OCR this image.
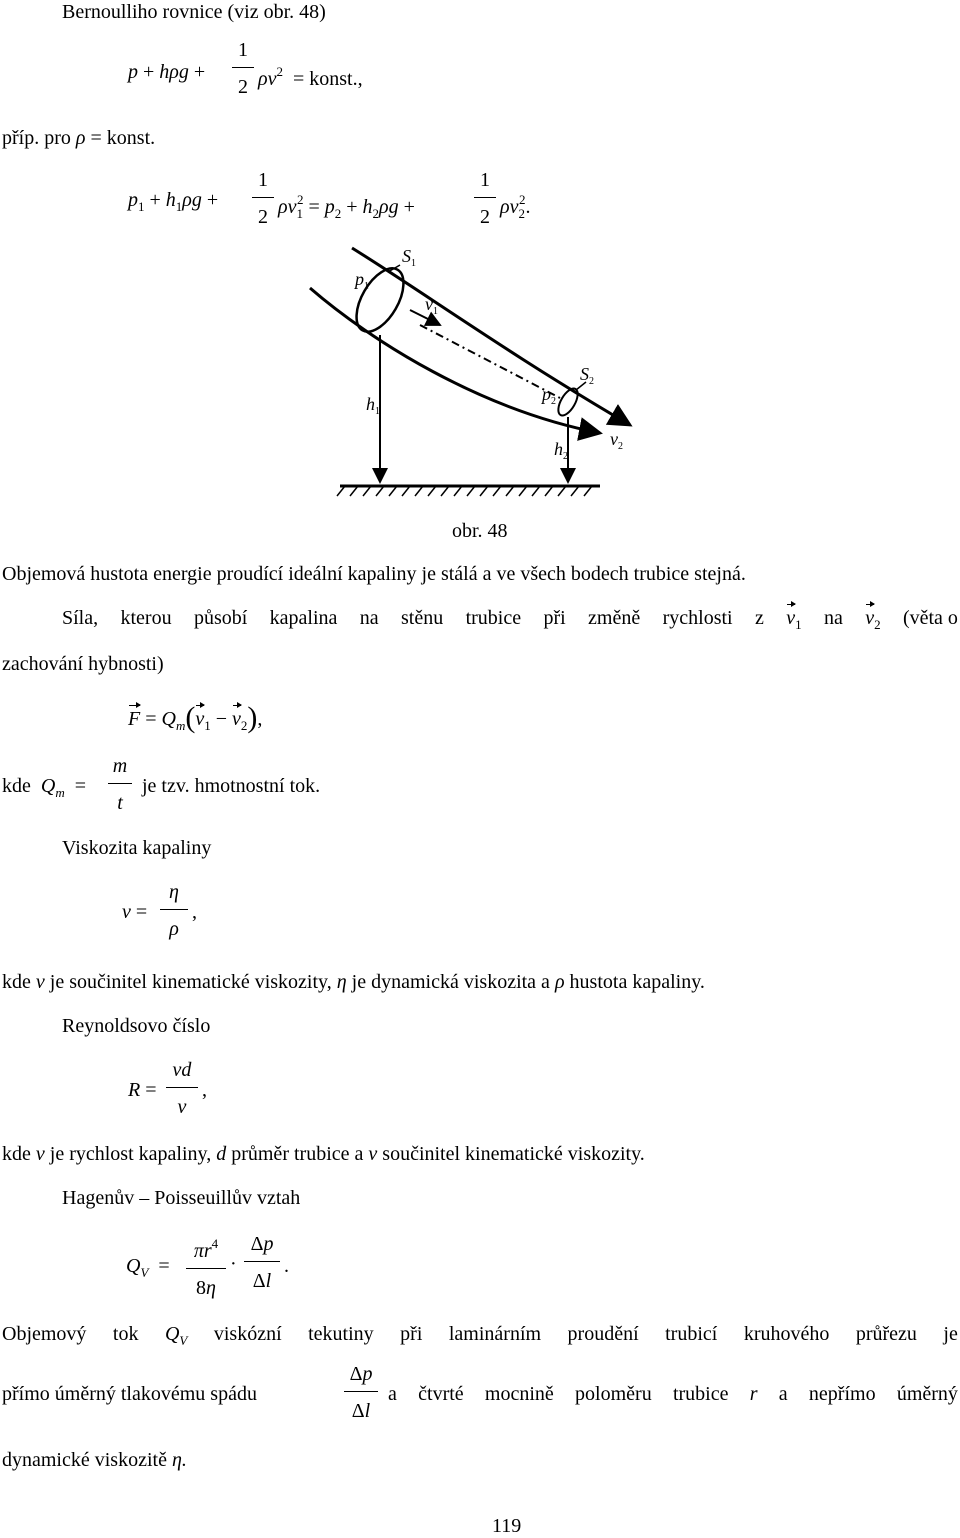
Bernoulliho rovnice (viz obr. 48)
p + hρg +
1
2 $\rho v^2$ = konst.,
příp. pro ρ = konst.
$p_1 + h_1\rho g$ +
1
2 $\rho v_1^2 = p_2 + h_2\rho g$ +
1
2 $\rho v_2^2$.
$p_1$
$S_1$
$v_1$
$h_1$
$p_2$
$S_2$
$h_2$
$v_2$
obr. 48
Objemová hustota energie proudící ideální kapaliny je stálá a ve všech bodech trubice stejná.
Síla, kterou působí kapalina na stěnu trubice při změně rychlosti z $v_1$ na $v_2$ (věta o
zachování hybnosti)
$F = Q_m(v_1 - v_2)$,
kde $Q_m$  =
m
t
je tzv. hmotnostní tok.
Viskozita kapaliny
ν =
η
ρ
,
kde ν je součinitel kinematické viskozity, η je dynamická viskozita a ρ hustota kapaliny.
Reynoldsovo číslo
R =
vd
ν
,
kde v je rychlost kapaliny, d průměr trubice a ν součinitel kinematické viskozity.
Hagenův – Poisseuillův vztah
$Q_V$  =
$\pi r^4$
8η
·
Δp
Δl
.
Objemový tok $Q_V$ viskózní tekutiny při laminárním proudění trubicí kruhového průřezu je
přímo úměrný tlakovému spádu
Δp
Δl
a čtvrté mocnině poloměru trubice r a nepřímo úměrný
dynamické viskozitě η.
119
